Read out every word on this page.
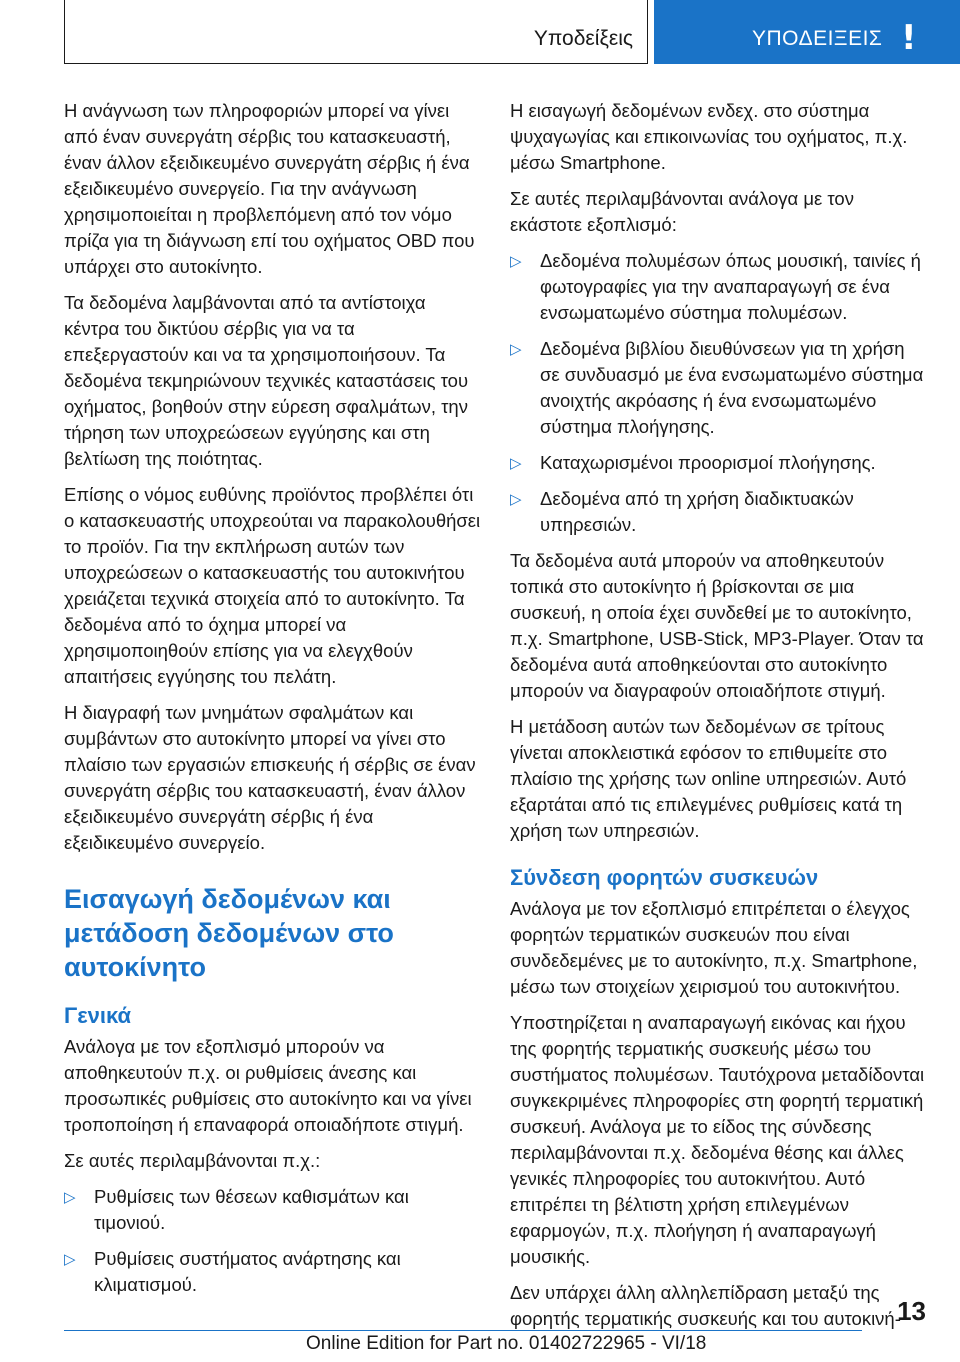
Υποδείξεις	ΥΠΟΔΕΙΞΕΙΣ !

Η ανάγνωση των πληροφοριών μπορεί να γίνει από έναν συνεργάτη σέρβις του κατασκευαστή, έναν άλλον εξειδικευμένο συνεργάτη σέρβις ή ένα εξειδικευμένο συνεργείο. Για την ανάγνωση χρησιμοποιείται η προβλεπόμενη από τον νόμο πρίζα για τη διάγνωση επί του οχήματος OBD που υπάρχει στο αυτοκίνητο.

Τα δεδομένα λαμβάνονται από τα αντίστοιχα κέντρα του δικτύου σέρβις για να τα επεξεργαστούν και να τα χρησιμοποιήσουν. Τα δεδομένα τεκμηριώνουν τεχνικές καταστάσεις του οχήματος, βοηθούν στην εύρεση σφαλμάτων, την τήρηση των υποχρεώσεων εγγύησης και στη βελτίωση της ποιότητας.

Επίσης ο νόμος ευθύνης προϊόντος προβλέπει ότι ο κατασκευαστής υποχρεούται να παρακολουθήσει το προϊόν. Για την εκπλήρωση αυτών των υποχρεώσεων ο κατασκευαστής του αυτοκινήτου χρειάζεται τεχνικά στοιχεία από το αυτοκίνητο. Τα δεδομένα από το όχημα μπορεί να χρησιμοποιηθούν επίσης για να ελεγχθούν απαιτήσεις εγγύησης του πελάτη.

Η διαγραφή των μνημάτων σφαλμάτων και συμβάντων στο αυτοκίνητο μπορεί να γίνει στο πλαίσιο των εργασιών επισκευής ή σέρβις σε έναν συνεργάτη σέρβις του κατασκευαστή, έναν άλλον εξειδικευμένο συνεργάτη σέρβις ή ένα εξειδικευμένο συνεργείο.

Εισαγωγή δεδομένων και μετάδοση δεδομένων στο αυτοκίνητο
Γενικά

Ανάλογα με τον εξοπλισμό μπορούν να αποθηκευτούν π.χ. οι ρυθμίσεις άνεσης και προσωπικές ρυθμίσεις στο αυτοκίνητο και να γίνει τροποποίηση ή επαναφορά οποιαδήποτε στιγμή.

Σε αυτές περιλαμβάνονται π.χ.:

▷ Ρυθμίσεις των θέσεων καθισμάτων και τιμονιού.
▷ Ρυθμίσεις συστήματος ανάρτησης και κλιματισμού.

Η εισαγωγή δεδομένων ενδεχ. στο σύστημα ψυχαγωγίας και επικοινωνίας του οχήματος, π.χ. μέσω Smartphone.

Σε αυτές περιλαμβάνονται ανάλογα με τον εκάστοτε εξοπλισμό:

▷ Δεδομένα πολυμέσων όπως μουσική, ταινίες ή φωτογραφίες για την αναπαραγωγή σε ένα ενσωματωμένο σύστημα πολυμέσων.
▷ Δεδομένα βιβλίου διευθύνσεων για τη χρήση σε συνδυασμό με ένα ενσωματωμένο σύστημα ανοιχτής ακρόασης ή ένα ενσωματωμένο σύστημα πλοήγησης.
▷ Καταχωρισμένοι προορισμοί πλοήγησης.
▷ Δεδομένα από τη χρήση διαδικτυακών υπηρεσιών.

Τα δεδομένα αυτά μπορούν να αποθηκευτούν τοπικά στο αυτοκίνητο ή βρίσκονται σε μια συσκευή, η οποία έχει συνδεθεί με το αυτοκίνητο, π.χ. Smartphone, USB-Stick, MP3-Player. Όταν τα δεδομένα αυτά αποθηκεύονται στο αυτοκίνητο μπορούν να διαγραφούν οποιαδήποτε στιγμή.

Η μετάδοση αυτών των δεδομένων σε τρίτους γίνεται αποκλειστικά εφόσον το επιθυμείτε στο πλαίσιο της χρήσης των online υπηρεσιών. Αυτό εξαρτάται από τις επιλεγμένες ρυθμίσεις κατά τη χρήση των υπηρεσιών.

Σύνδεση φορητών συσκευών

Ανάλογα με τον εξοπλισμό επιτρέπεται ο έλεγχος φορητών τερματικών συσκευών που είναι συνδεδεμένες με το αυτοκίνητο, π.χ. Smartphone, μέσω των στοιχείων χειρισμού του αυτοκινήτου.

Υποστηρίζεται η αναπαραγωγή εικόνας και ήχου της φορητής τερματικής συσκευής μέσω του συστήματος πολυμέσων. Ταυτόχρονα μεταδίδονται συγκεκριμένες πληροφορίες στη φορητή τερματική συσκευή. Ανάλογα με το είδος της σύνδεσης περιλαμβάνονται π.χ. δεδομένα θέσης και άλλες γενικές πληροφορίες του αυτοκινήτου. Αυτό επιτρέπει τη βέλτιστη χρήση επιλεγμένων εφαρμογών, π.χ. πλοήγηση ή αναπαραγωγή μουσικής.

Δεν υπάρχει άλλη αλληλεπίδραση μεταξύ της φορητής τερματικής συσκευής και του αυτοκινή-

13
Online Edition for Part no. 01402722965 - VI/18
